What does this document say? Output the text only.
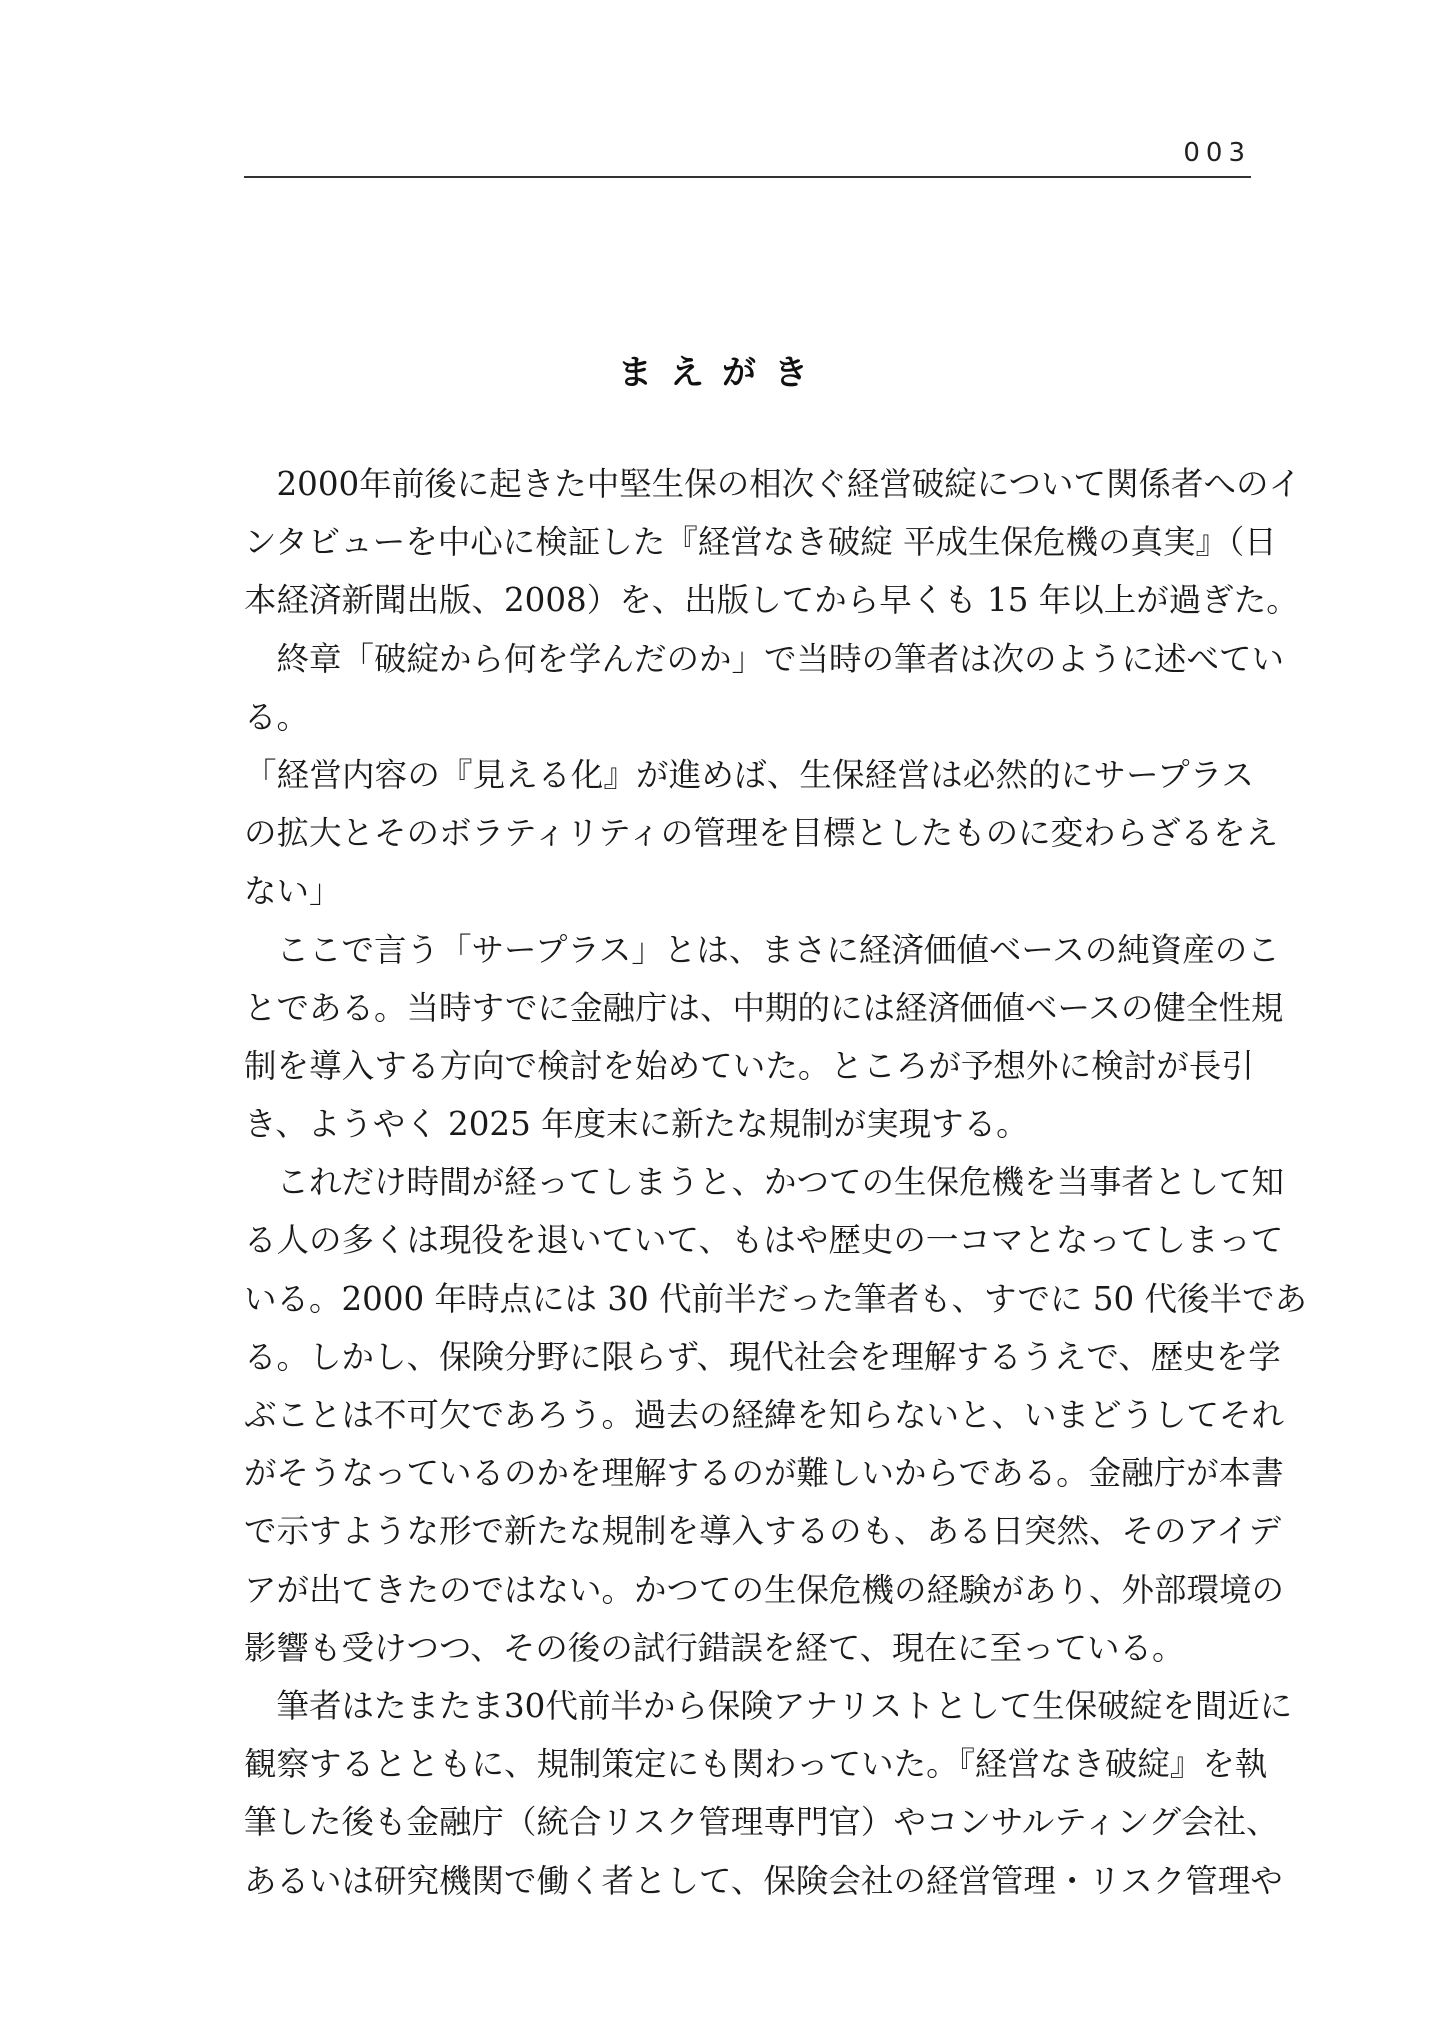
003
まえがき
　2000年前後に起きた中堅生保の相次ぐ経営破綻について関係者へのイ
ンタビューを中心に検証した『経営なき破綻 平成生保危機の真実』（日
本経済新聞出版、2008）を、出版してから早くも 15 年以上が過ぎた。
　終章「破綻から何を学んだのか」で当時の筆者は次のように述べてい
る。
「経営内容の『見える化』が進めば、生保経営は必然的にサープラス
の拡大とそのボラティリティの管理を目標としたものに変わらざるをえ
ない」
　ここで言う「サープラス」とは、まさに経済価値ベースの純資産のこ
とである。当時すでに金融庁は、中期的には経済価値ベースの健全性規
制を導入する方向で検討を始めていた。ところが予想外に検討が長引
き、ようやく 2025 年度末に新たな規制が実現する。
　これだけ時間が経ってしまうと、かつての生保危機を当事者として知
る人の多くは現役を退いていて、もはや歴史の一コマとなってしまって
いる。2000 年時点には 30 代前半だった筆者も、すでに 50 代後半であ
る。しかし、保険分野に限らず、現代社会を理解するうえで、歴史を学
ぶことは不可欠であろう。過去の経緯を知らないと、いまどうしてそれ
がそうなっているのかを理解するのが難しいからである。金融庁が本書
で示すような形で新たな規制を導入するのも、ある日突然、そのアイデ
アが出てきたのではない。かつての生保危機の経験があり、外部環境の
影響も受けつつ、その後の試行錯誤を経て、現在に至っている。
　筆者はたまたま30代前半から保険アナリストとして生保破綻を間近に
観察するとともに、規制策定にも関わっていた。『経営なき破綻』を執
筆した後も金融庁（統合リスク管理専門官）やコンサルティング会社、
あるいは研究機関で働く者として、保険会社の経営管理・リスク管理や
